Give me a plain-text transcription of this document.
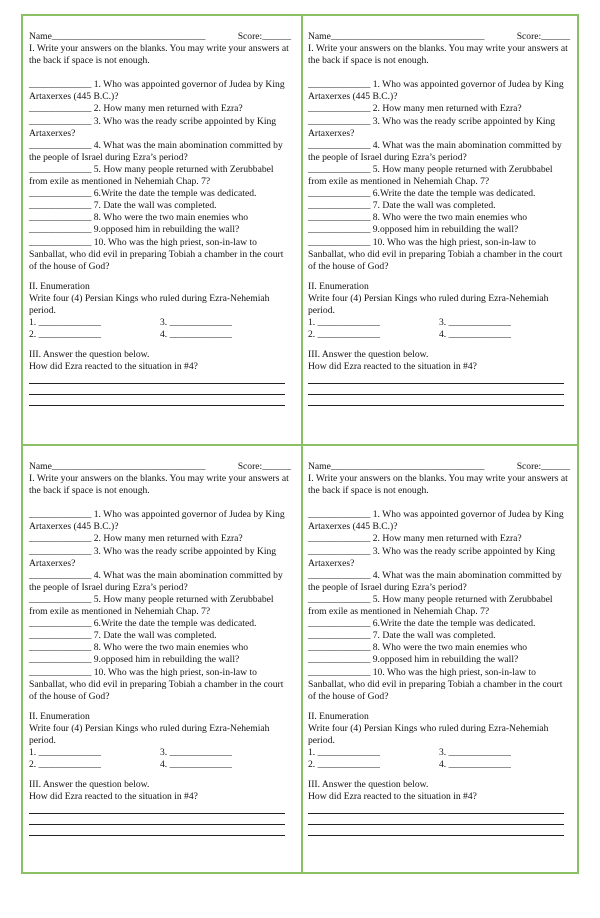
Name________________________________	Score:______

I. Write your answers on the blanks. You may write your answers at the back if space is not enough.

_____________ 1. Who was appointed governor of Judea by King Artaxerxes (445 B.C.)?

_____________ 2. How many men returned with Ezra?

_____________ 3. Who was the ready scribe appointed by King Artaxerxes?

_____________ 4. What was the main abomination committed by the people of Israel during Ezra’s period?

_____________ 5. How many people returned with Zerubbabel from exile as mentioned in Nehemiah Chap. 7?

_____________ 6.Write the date the temple was dedicated.

_____________ 7. Date the wall was completed.

_____________ 8. Who were the two main enemies who

_____________ 9.opposed him in rebuilding the wall?

_____________ 10. Who was the high priest, son-in-law to Sanballat, who did evil in preparing Tobiah a chamber in the court of the house of God?

II. Enumeration

Write four (4) Persian Kings who ruled during Ezra-Nehemiah period.

1. _____________	3. _____________
2. _____________	4. _____________

III. Answer the question below.

How did Ezra reacted to the situation in #4?

Name________________________________	Score:______

I. Write your answers on the blanks. You may write your answers at the back if space is not enough.

_____________ 1. Who was appointed governor of Judea by King Artaxerxes (445 B.C.)?

_____________ 2. How many men returned with Ezra?

_____________ 3. Who was the ready scribe appointed by King Artaxerxes?

_____________ 4. What was the main abomination committed by the people of Israel during Ezra’s period?

_____________ 5. How many people returned with Zerubbabel from exile as mentioned in Nehemiah Chap. 7?

_____________ 6.Write the date the temple was dedicated.

_____________ 7. Date the wall was completed.

_____________ 8. Who were the two main enemies who

_____________ 9.opposed him in rebuilding the wall?

_____________ 10. Who was the high priest, son-in-law to Sanballat, who did evil in preparing Tobiah a chamber in the court of the house of God?

II. Enumeration

Write four (4) Persian Kings who ruled during Ezra-Nehemiah period.

1. _____________	3. _____________
2. _____________	4. _____________

III. Answer the question below.

How did Ezra reacted to the situation in #4?

Name________________________________	Score:______

I. Write your answers on the blanks. You may write your answers at the back if space is not enough.

_____________ 1. Who was appointed governor of Judea by King Artaxerxes (445 B.C.)?

_____________ 2. How many men returned with Ezra?

_____________ 3. Who was the ready scribe appointed by King Artaxerxes?

_____________ 4. What was the main abomination committed by the people of Israel during Ezra’s period?

_____________ 5. How many people returned with Zerubbabel from exile as mentioned in Nehemiah Chap. 7?

_____________ 6.Write the date the temple was dedicated.

_____________ 7. Date the wall was completed.

_____________ 8. Who were the two main enemies who

_____________ 9.opposed him in rebuilding the wall?

_____________ 10. Who was the high priest, son-in-law to Sanballat, who did evil in preparing Tobiah a chamber in the court of the house of God?

II. Enumeration

Write four (4) Persian Kings who ruled during Ezra-Nehemiah period.

1. _____________	3. _____________
2. _____________	4. _____________

III. Answer the question below.

How did Ezra reacted to the situation in #4?

Name________________________________	Score:______

I. Write your answers on the blanks. You may write your answers at the back if space is not enough.

_____________ 1. Who was appointed governor of Judea by King Artaxerxes (445 B.C.)?

_____________ 2. How many men returned with Ezra?

_____________ 3. Who was the ready scribe appointed by King Artaxerxes?

_____________ 4. What was the main abomination committed by the people of Israel during Ezra’s period?

_____________ 5. How many people returned with Zerubbabel from exile as mentioned in Nehemiah Chap. 7?

_____________ 6.Write the date the temple was dedicated.

_____________ 7. Date the wall was completed.

_____________ 8. Who were the two main enemies who

_____________ 9.opposed him in rebuilding the wall?

_____________ 10. Who was the high priest, son-in-law to Sanballat, who did evil in preparing Tobiah a chamber in the court of the house of God?

II. Enumeration

Write four (4) Persian Kings who ruled during Ezra-Nehemiah period.

1. _____________	3. _____________
2. _____________	4. _____________

III. Answer the question below.

How did Ezra reacted to the situation in #4?
